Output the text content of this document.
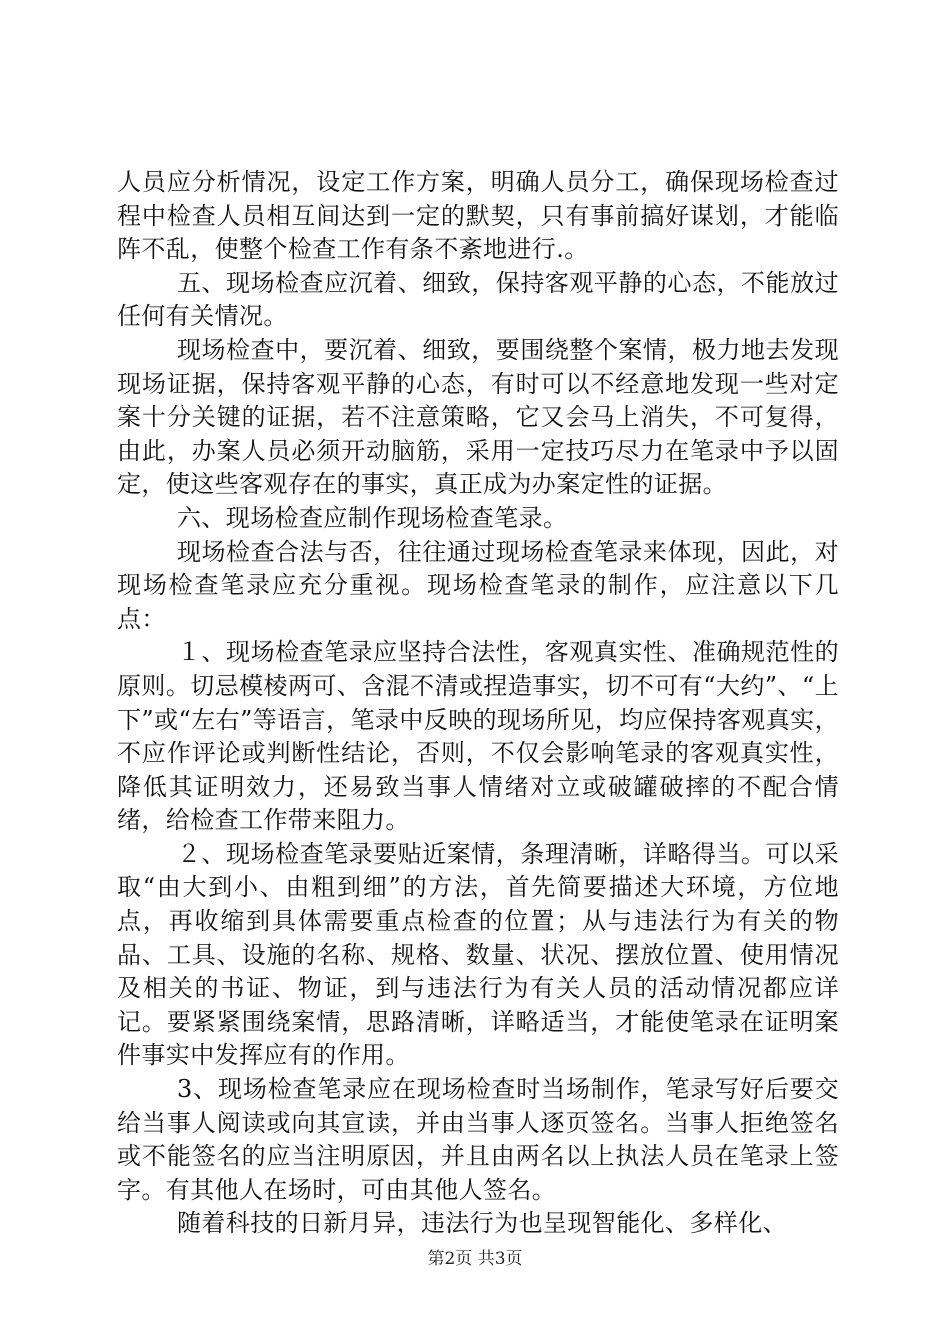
人员应分析情况，设定工作方案，明确人员分工，确保现场检查过程中检查人员相互间达到一定的默契，只有事前搞好谋划，才能临阵不乱，使整个检查工作有条不紊地进行.。

五、现场检查应沉着、细致，保持客观平静的心态，不能放过任何有关情况。

现场检查中，要沉着、细致，要围绕整个案情，极力地去发现现场证据，保持客观平静的心态，有时可以不经意地发现一些对定案十分关键的证据，若不注意策略，它又会马上消失，不可复得，由此，办案人员必须开动脑筋，采用一定技巧尽力在笔录中予以固定，使这些客观存在的事实，真正成为办案定性的证据。

六、现场检查应制作现场检查笔录。

现场检查合法与否，往往通过现场检查笔录来体现，因此，对现场检查笔录应充分重视。现场检查笔录的制作，应注意以下几点：

１、现场检查笔录应坚持合法性，客观真实性、准确规范性的原则。切忌模棱两可、含混不清或捏造事实，切不可有“大约”、“上下”或“左右”等语言，笔录中反映的现场所见，均应保持客观真实，不应作评论或判断性结论，否则，不仅会影响笔录的客观真实性，降低其证明效力，还易致当事人情绪对立或破罐破摔的不配合情绪，给检查工作带来阻力。

２、现场检查笔录要贴近案情，条理清晰，详略得当。可以采取“由大到小、由粗到细”的方法，首先简要描述大环境，方位地点，再收缩到具体需要重点检查的位置；从与违法行为有关的物品、工具、设施的名称、规格、数量、状况、摆放位置、使用情况及相关的书证、物证，到与违法行为有关人员的活动情况都应详记。要紧紧围绕案情，思路清晰，详略适当，才能使笔录在证明案件事实中发挥应有的作用。

3、现场检查笔录应在现场检查时当场制作，笔录写好后要交给当事人阅读或向其宣读，并由当事人逐页签名。当事人拒绝签名或不能签名的应当注明原因，并且由两名以上执法人员在笔录上签字。有其他人在场时，可由其他人签名。

随着科技的日新月异，违法行为也呈现智能化、多样化、

第2页 共3页
